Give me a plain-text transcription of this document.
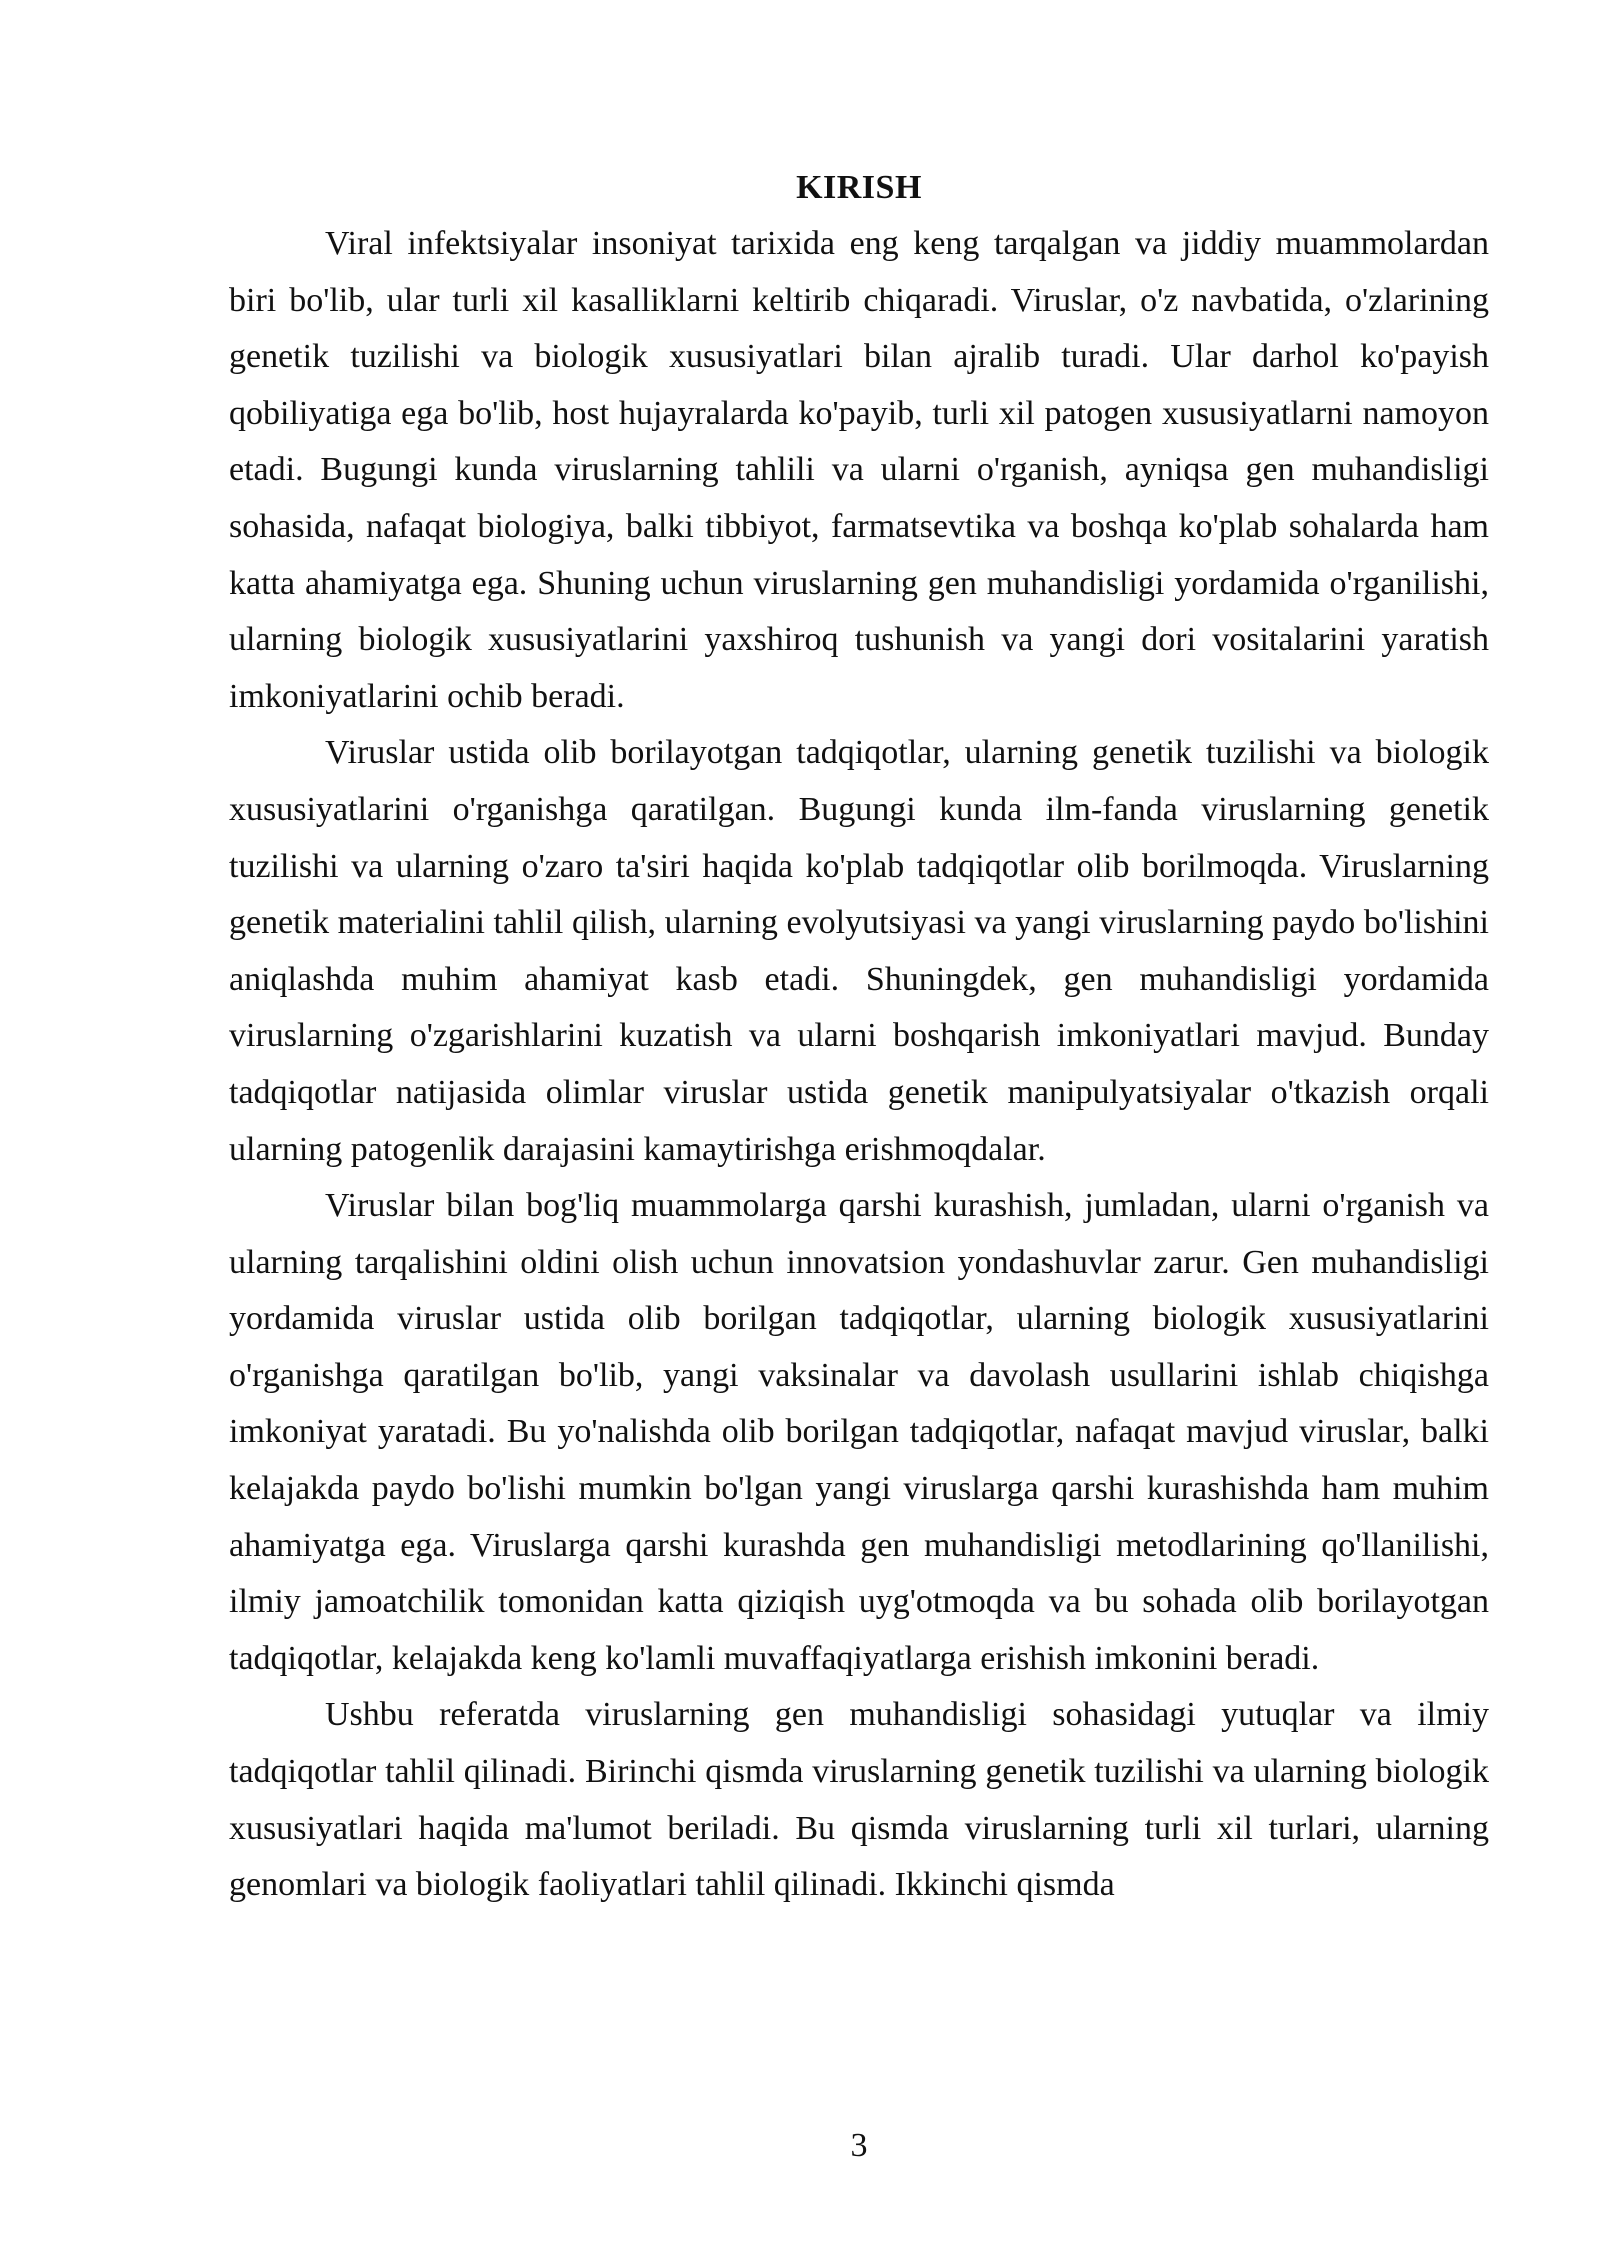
KIRISH

Viral infektsiyalar insoniyat tarixida eng keng tarqalgan va jiddiy muammolardan biri bo'lib, ular turli xil kasalliklarni keltirib chiqaradi. Viruslar, o'z navbatida, o'zlarining genetik tuzilishi va biologik xususiyatlari bilan ajralib turadi. Ular darhol ko'payish qobiliyatiga ega bo'lib, host hujayralarda ko'payib, turli xil patogen xususiyatlarni namoyon etadi. Bugungi kunda viruslarning tahlili va ularni o'rganish, ayniqsa gen muhandisligi sohasida, nafaqat biologiya, balki tibbiyot, farmatsevtika va boshqa ko'plab sohalarda ham katta ahamiyatga ega. Shuning uchun viruslarning gen muhandisligi yordamida o'rganilishi, ularning biologik xususiyatlarini yaxshiroq tushunish va yangi dori vositalarini yaratish imkoniyatlarini ochib beradi.

Viruslar ustida olib borilayotgan tadqiqotlar, ularning genetik tuzilishi va biologik xususiyatlarini o'rganishga qaratilgan. Bugungi kunda ilm-fanda viruslarning genetik tuzilishi va ularning o'zaro ta'siri haqida ko'plab tadqiqotlar olib borilmoqda. Viruslarning genetik materialini tahlil qilish, ularning evolyutsiyasi va yangi viruslarning paydo bo'lishini aniqlashda muhim ahamiyat kasb etadi. Shuningdek, gen muhandisligi yordamida viruslarning o'zgarishlarini kuzatish va ularni boshqarish imkoniyatlari mavjud. Bunday tadqiqotlar natijasida olimlar viruslar ustida genetik manipulyatsiyalar o'tkazish orqali ularning patogenlik darajasini kamaytirishga erishmoqdalar.

Viruslar bilan bog'liq muammolarga qarshi kurashish, jumladan, ularni o'rganish va ularning tarqalishini oldini olish uchun innovatsion yondashuvlar zarur. Gen muhandisligi yordamida viruslar ustida olib borilgan tadqiqotlar, ularning biologik xususiyatlarini o'rganishga qaratilgan bo'lib, yangi vaksinalar va davolash usullarini ishlab chiqishga imkoniyat yaratadi. Bu yo'nalishda olib borilgan tadqiqotlar, nafaqat mavjud viruslar, balki kelajakda paydo bo'lishi mumkin bo'lgan yangi viruslarga qarshi kurashishda ham muhim ahamiyatga ega. Viruslarga qarshi kurashda gen muhandisligi metodlarining qo'llanilishi, ilmiy jamoatchilik tomonidan katta qiziqish uyg'otmoqda va bu sohada olib borilayotgan tadqiqotlar, kelajakda keng ko'lamli muvaffaqiyatlarga erishish imkonini beradi.

Ushbu referatda viruslarning gen muhandisligi sohasidagi yutuqlar va ilmiy tadqiqotlar tahlil qilinadi. Birinchi qismda viruslarning genetik tuzilishi va ularning biologik xususiyatlari haqida ma'lumot beriladi. Bu qismda viruslarning turli xil turlari, ularning genomlari va biologik faoliyatlari tahlil qilinadi. Ikkinchi qismda

3
